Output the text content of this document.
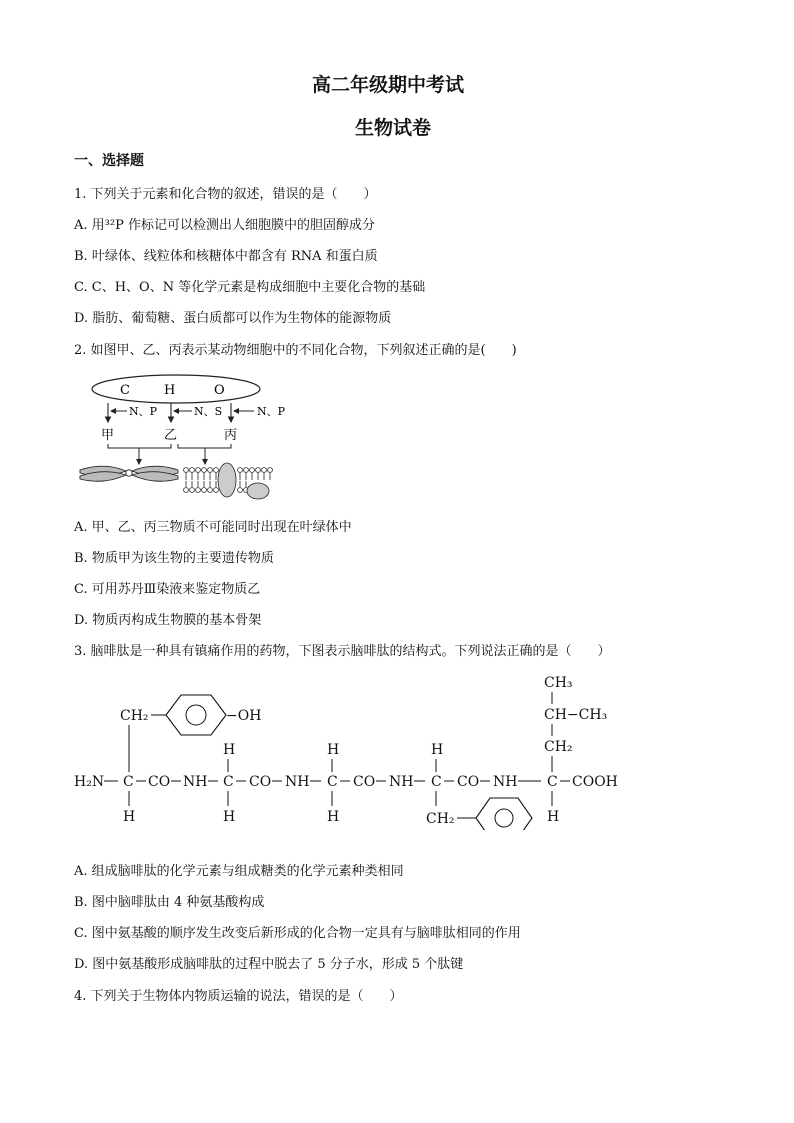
高二年级期中考试
生物试卷
一、选择题
1. 下列关于元素和化合物的叙述，错误的是（　　）
A. 用³²P 作标记可以检测出人细胞膜中的胆固醇成分
B. 叶绿体、线粒体和核糖体中都含有 RNA 和蛋白质
C. C、H、O、N 等化学元素是构成细胞中主要化合物的基础
D. 脂肪、葡萄糖、蛋白质都可以作为生物体的能源物质
2. 如图甲、乙、丙表示某动物细胞中的不同化合物，下列叙述正确的是(　　)
C	H	O
N、P	N、S	N、P
甲	乙	丙
A. 甲、乙、丙三物质不可能同时出现在叶绿体中
B. 物质甲为该生物的主要遗传物质
C. 可用苏丹Ⅲ染液来鉴定物质乙
D. 物质丙构成生物膜的基本骨架
3. 脑啡肽是一种具有镇痛作用的药物，下图表示脑啡肽的结构式。下列说法正确的是（　　）
CH₃
CH−CH₃
CH₂
CH₂	−OH
H	H	H
H₂N C CO NH C CO NH C CO NH C CO NH C COOH
H	H	H	CH₂	H
A. 组成脑啡肽的化学元素与组成糖类的化学元素种类相同
B. 图中脑啡肽由 4 种氨基酸构成
C. 图中氨基酸的顺序发生改变后新形成的化合物一定具有与脑啡肽相同的作用
D. 图中氨基酸形成脑啡肽的过程中脱去了 5 分子水，形成 5 个肽键
4. 下列关于生物体内物质运输的说法，错误的是（　　）
